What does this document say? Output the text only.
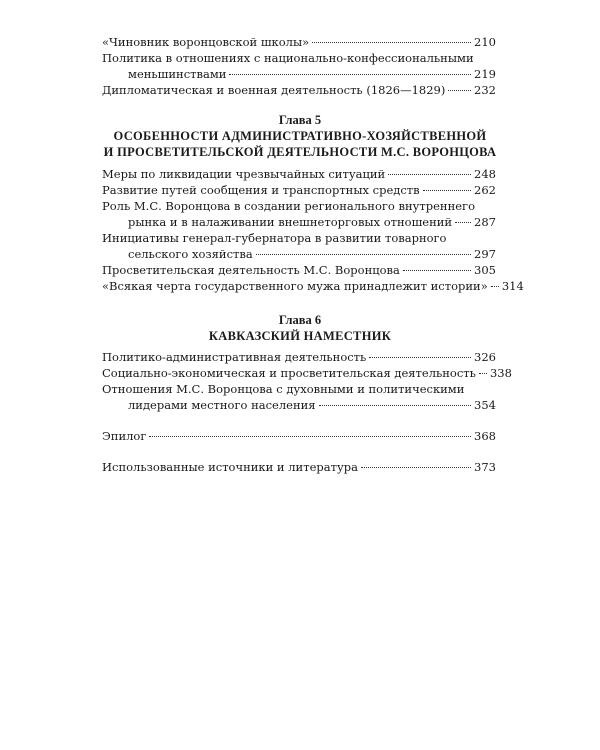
«Чиновник воронцовской школы»	210
Политика в отношениях с национально-конфессиональными
меньшинствами	219
Дипломатическая и военная деятельность (1826—1829) 232
Глава 5
ОСОБЕННОСТИ АДМИНИСТРАТИВНО-ХОЗЯЙСТВЕННОЙ
И ПРОСВЕТИТЕЛЬСКОЙ ДЕЯТЕЛЬНОСТИ М.С. ВОРОНЦОВА
Меры по ликвидации чрезвычайных ситуаций	248
Развитие путей сообщения и транспортных средств	262
Роль М.С. Воронцова в создании регионального внутреннего
рынка и в налаживании внешнеторговых отношений 287
Инициативы генерал-губернатора в развитии товарного
сельского хозяйства	297
Просветительская деятельность М.С. Воронцова	305
«Всякая черта государственного мужа принадлежит истории» 314
Глава 6
КАВКАЗСКИЙ НАМЕСТНИК
Политико-административная деятельность	326
Социально-экономическая и просветительская деятельность 338
Отношения М.С. Воронцова с духовными и политическими
лидерами местного населения	354
Эпилог	368
Использованные источники и литература	373
